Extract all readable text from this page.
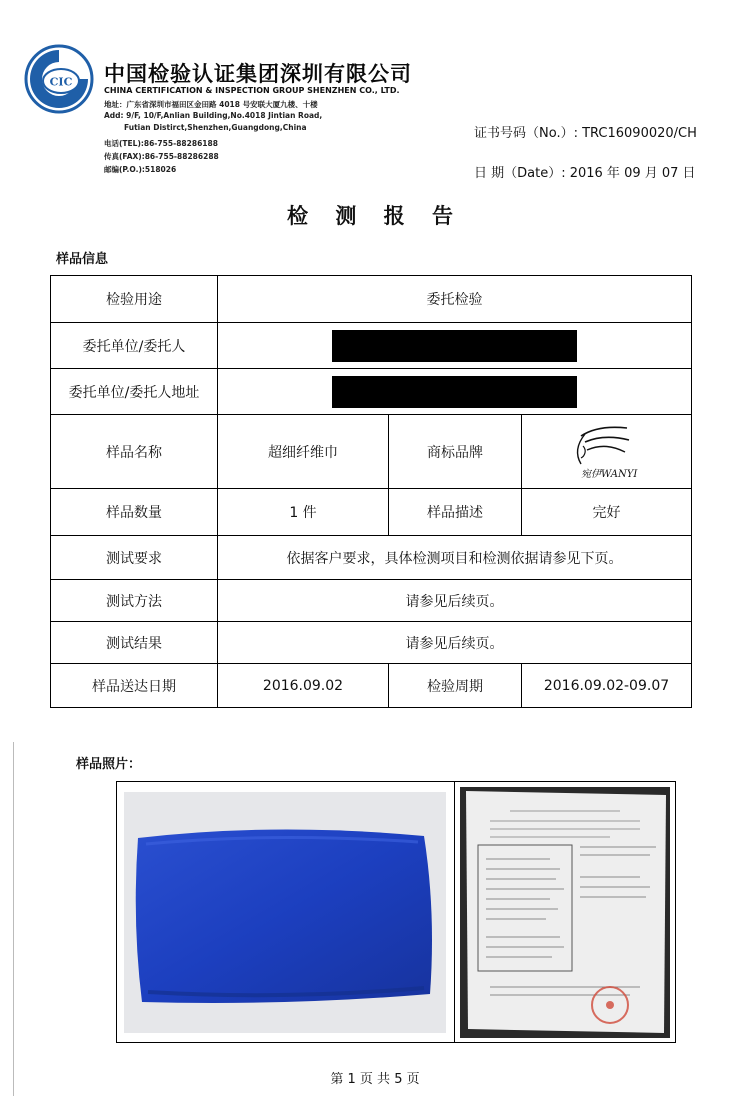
CIC 中国检验认证集团深圳有限公司
CHINA CERTIFICATION & INSPECTION GROUP SHENZHEN CO., LTD.
地址：广东省深圳市福田区金田路 4018 号安联大厦九楼、十楼
Add: 9/F, 10/F,Anlian Building,No.4018 Jintian Road,
Futian Distirct,Shenzhen,Guangdong,China
电话(TEL):86-755-88286188
传真(FAX):86-755-88286288
邮编(P.O.):518026
证书号码（No.）: TRC16090020/CH
日 期（Date）: 2016 年 09 月 07 日
检 测 报 告
样品信息
检验用途	委托检验		
委托单位/委托人			
委托单位/委托人地址			
样品名称	超细纤维巾	商标品牌	宛伊WANYI

样品数量	1 件	样品描述	完好
测试要求	依据客户要求，具体检测项目和检测依据请参见下页。		
测试方法	请参见后续页。		
测试结果	请参见后续页。		
样品送达日期	2016.09.02	检验周期	2016.09.02-09.07
样品照片：
第 1 页 共 5 页
